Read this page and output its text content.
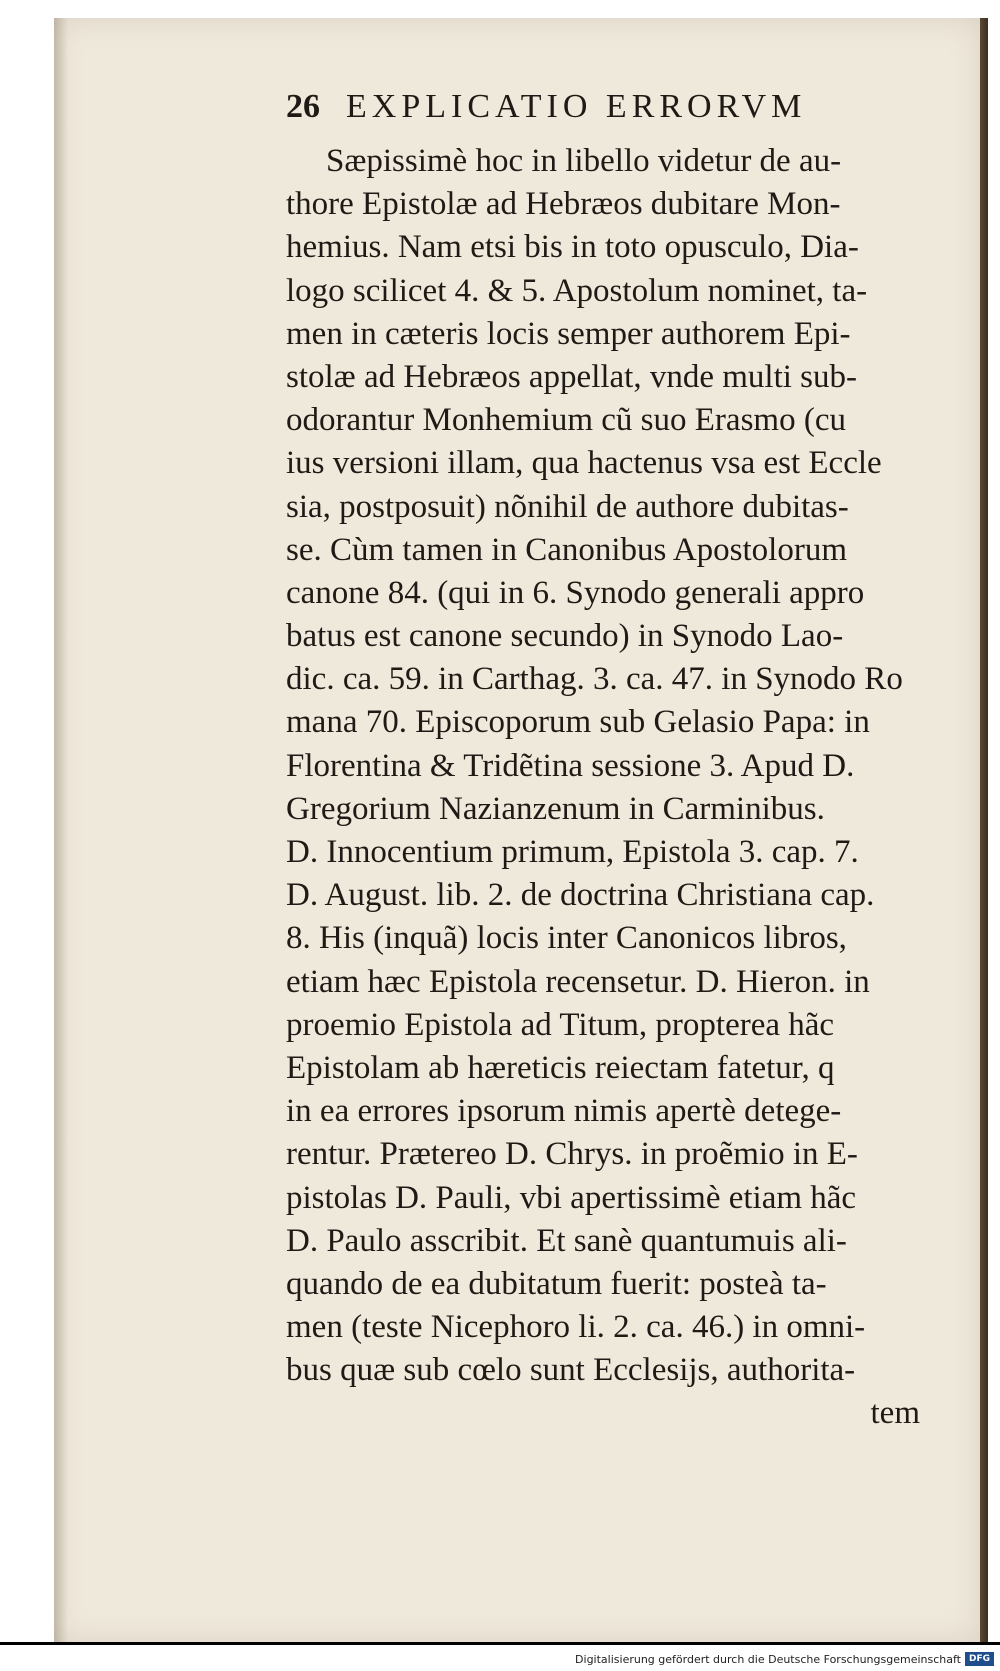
26 EXPLICATIO ERRORVM
Sæpissimè hoc in libello videtur de au-
thore Epistolæ ad Hebræos dubitare Mon-
hemius. Nam etsi bis in toto opusculo, Dia-
logo scilicet 4. & 5. Apostolum nominet, ta-
men in cæteris locis semper authorem Epi-
stolæ ad Hebræos appellat, vnde multi sub-
odorantur Monhemium cũ suo Erasmo (cu
ius versioni illam, qua hactenus vsa est Eccle
sia, postposuit) nõnihil de authore dubitas-
se. Cùm tamen in Canonibus Apostolorum
canone 84. (qui in 6. Synodo generali appro
batus est canone secundo) in Synodo Lao-
dic. ca. 59. in Carthag. 3. ca. 47. in Synodo Ro
mana 70. Episcoporum sub Gelasio Papa: in
Florentina & Tridẽtina sessione 3. Apud D.
Gregorium Nazianzenum in Carminibus.
D. Innocentium primum, Epistola 3. cap. 7.
D. August. lib. 2. de doctrina Christiana cap.
8. His (inquã) locis inter Canonicos libros,
etiam hæc Epistola recensetur. D. Hieron. in
proemio Epistola ad Titum, propterea hãc
Epistolam ab hæreticis reiectam fatetur, q
in ea errores ipsorum nimis apertè detege-
rentur. Prætereo D. Chrys. in proẽmio in E-
pistolas D. Pauli, vbi apertissimè etiam hãc
D. Paulo asscribit. Et sanè quantumuis ali-
quando de ea dubitatum fuerit: posteà ta-
men (teste Nicephoro li. 2. ca. 46.) in omni-
bus quæ sub cœlo sunt Ecclesijs, authorita-
tem
Digitalisierung gefördert durch die Deutsche Forschungsgemeinschaft DFG
